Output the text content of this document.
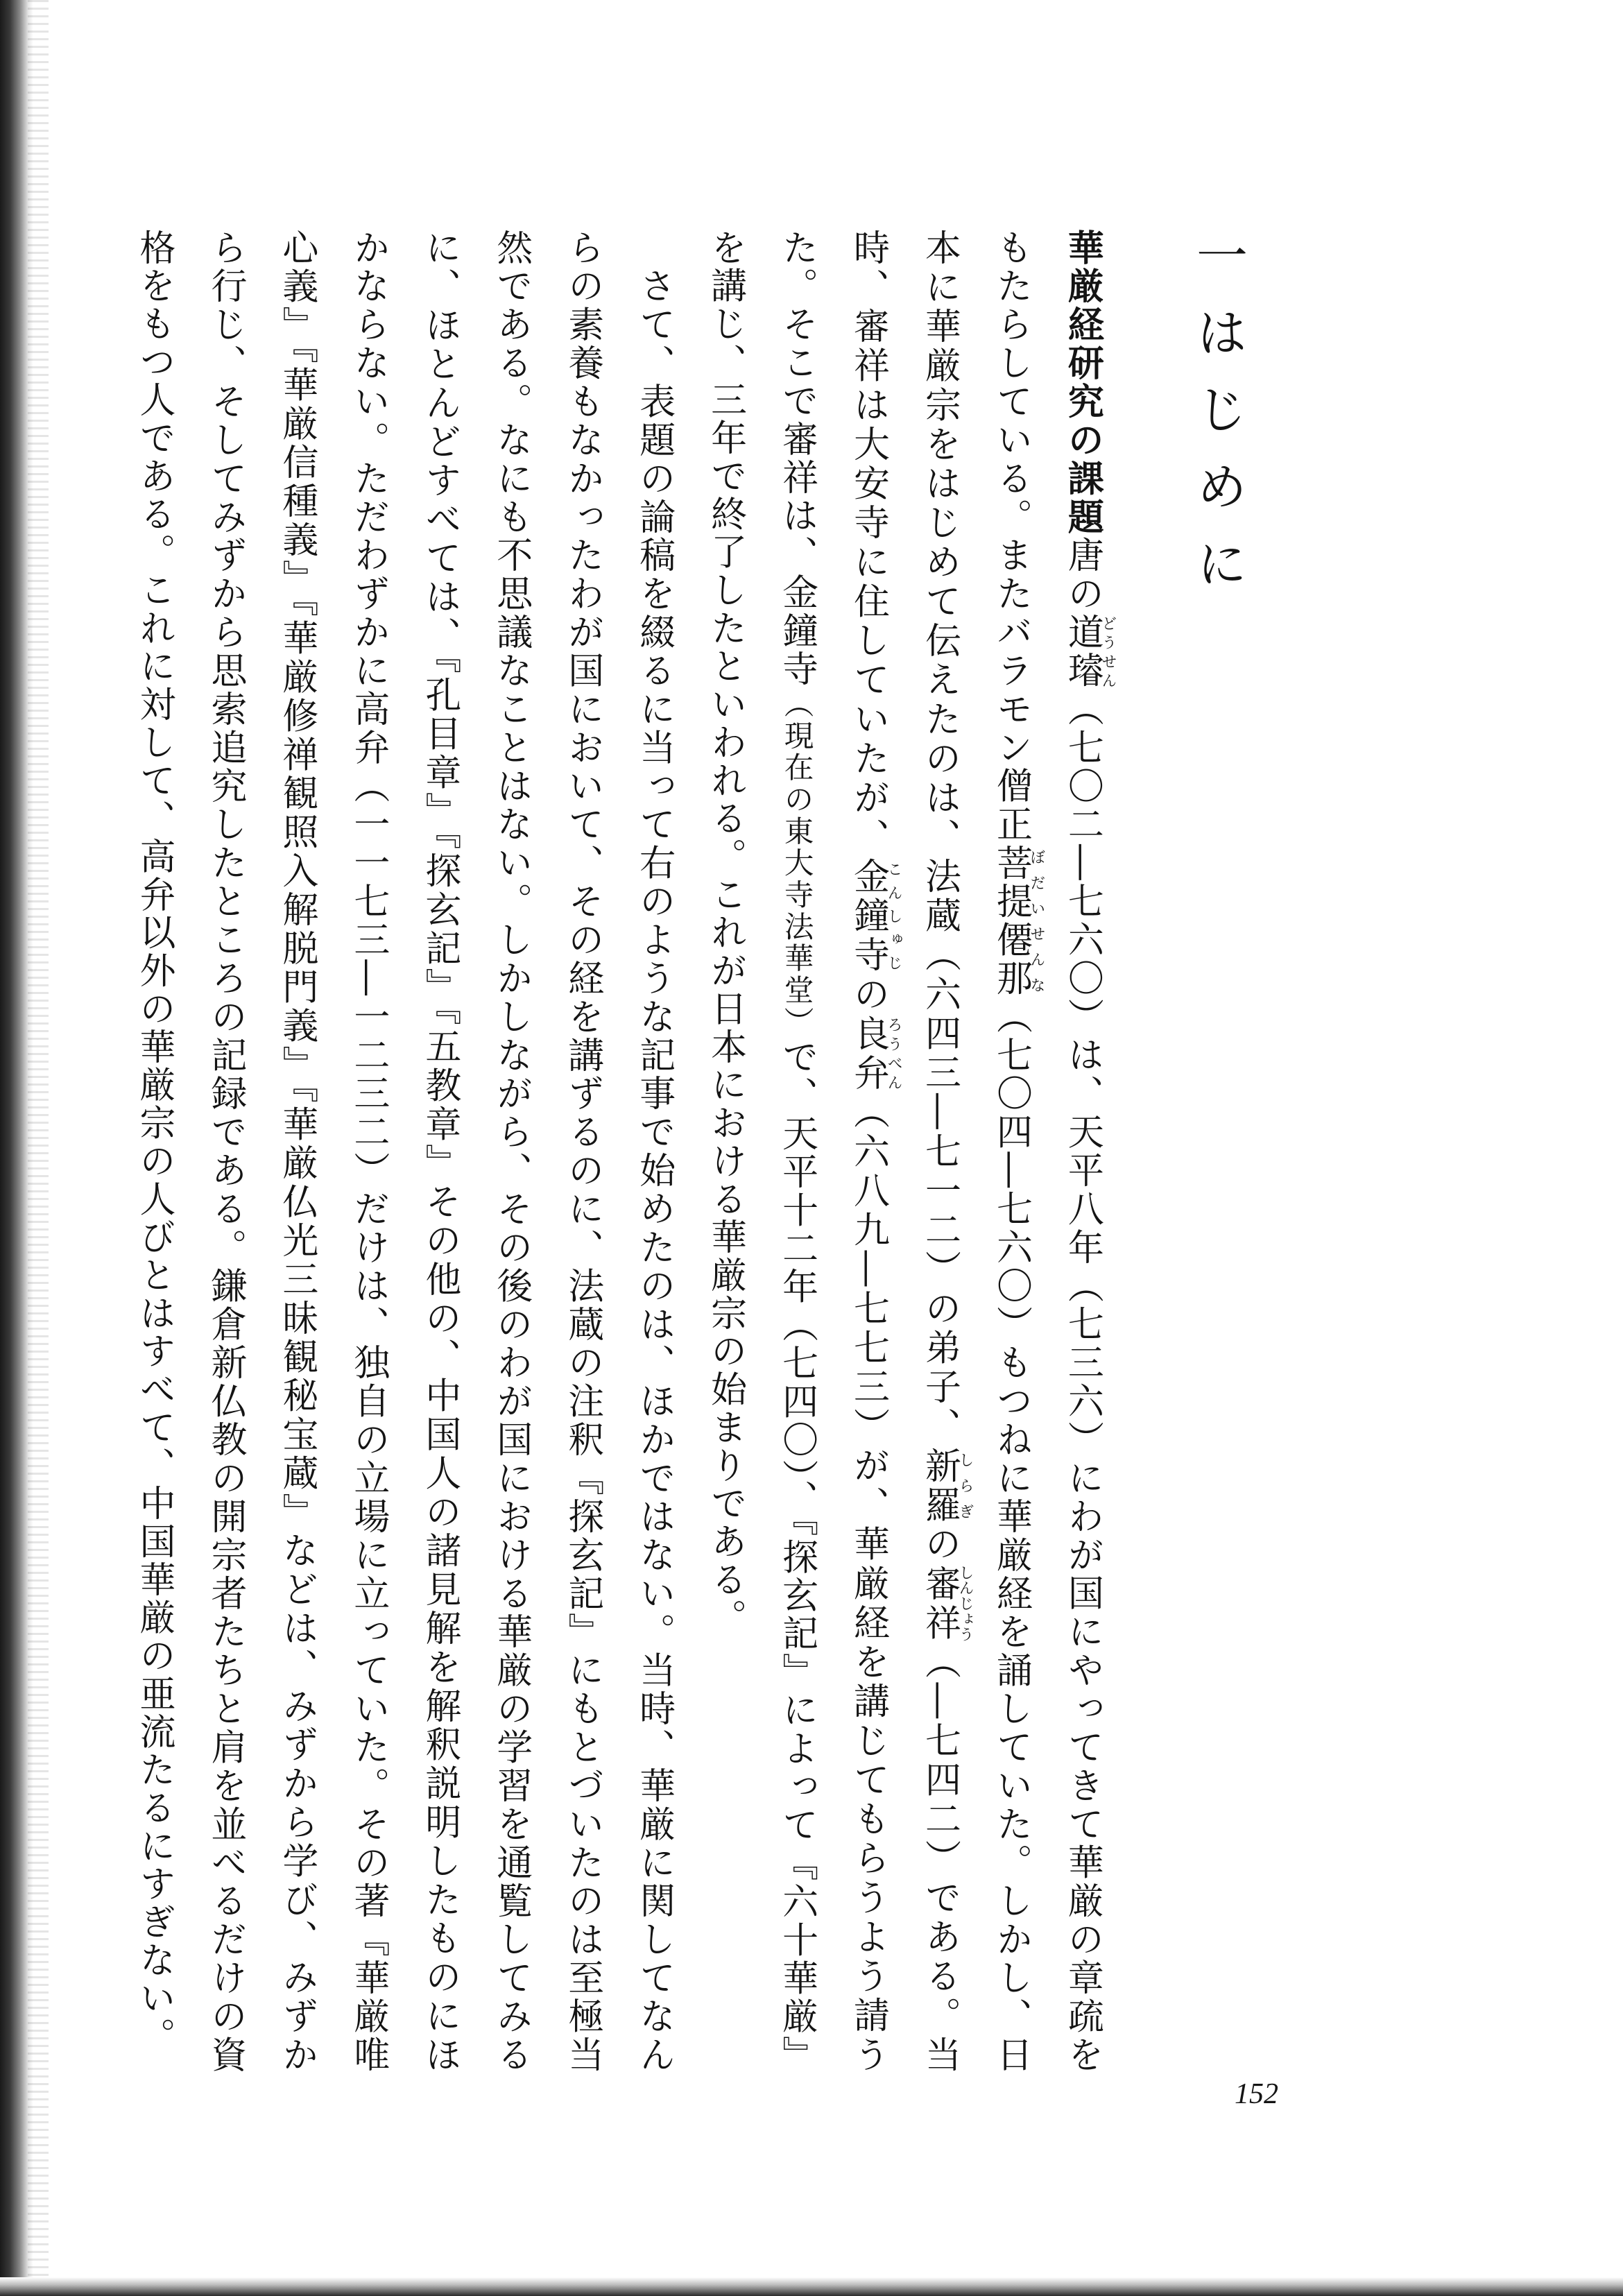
一はじめに

華厳経研究の課題唐の道璿どうせん（七〇二―七六〇）は、天平八年（七三六）にわが国にやってきて華厳の章疏をもたらしている。またバラモン僧正菩提僊那ぼだいせんな（七〇四―七六〇）もつねに華厳経を誦していた。しかし、日本に華厳宗をはじめて伝えたのは、法蔵（六四三―七一二）の弟子、新羅しらぎの審祥しんじょう（―七四二）である。当時、審祥は大安寺に住していたが、金鐘寺こんしゅじの良弁ろうべん（六八九―七七三）が、華厳経を講じてもらうよう請うた。そこで審祥は、金鐘寺（現在の東大寺法華堂）で、天平十二年（七四〇）、『探玄記』によって『六十華厳』を講じ、三年で終了したといわれる。これが日本における華厳宗の始まりである。

　さて、表題の論稿を綴るに当って右のような記事で始めたのは、ほかではない。当時、華厳に関してなんらの素養もなかったわが国において、その経を講ずるのに、法蔵の注釈『探玄記』にもとづいたのは至極当然である。なにも不思議なことはない。しかしながら、その後のわが国における華厳の学習を通覧してみるに、ほとんどすべては、『孔目章』『探玄記』『五教章』その他の、中国人の諸見解を解釈説明したものにほかならない。ただわずかに高弁（一一七三―一二三二）だけは、独自の立場に立っていた。その著『華厳唯心義』『華厳信種義』『華厳修禅観照入解脱門義』『華厳仏光三昧観秘宝蔵』などは、みずから学び、みずから行じ、そしてみずから思索追究したところの記録である。鎌倉新仏教の開宗者たちと肩を並べるだけの資格をもつ人である。これに対して、高弁以外の華厳宗の人びとはすべて、中国華厳の亜流たるにすぎない。

152
